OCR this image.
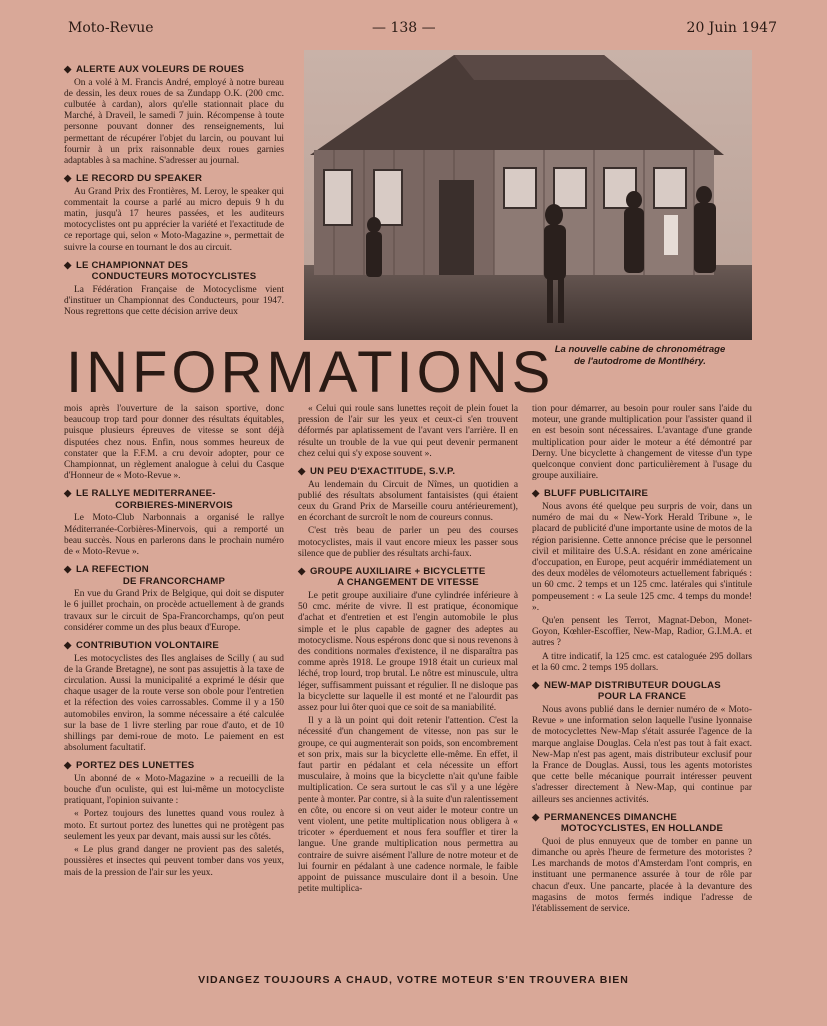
Moto-Revue	— 138 —	20 Juin 1947
La nouvelle cabine de chronométrage de l'autodrome de Montlhéry.
◆ ALERTE AUX VOLEURS DE ROUES

On a volé à M. Francis André, employé à notre bureau de dessin, les deux roues de sa Zundapp O.K. (200 cmc. culbutée à cardan), alors qu'elle stationnait place du Marché, à Draveil, le samedi 7 juin. Récompense à toute personne pouvant donner des renseignements, lui permettant de récupérer l'objet du larcin, ou pouvant lui fournir à un prix raisonnable deux roues garnies adaptables à sa machine. S'adresser au journal.

◆ LE RECORD DU SPEAKER

Au Grand Prix des Frontières, M. Leroy, le speaker qui commentait la course a parlé au micro depuis 9 h du matin, jusqu'à 17 heures passées, et les auditeurs motocyclistes ont pu apprécier la variété et l'exactitude de ce reportage qui, selon « Moto-Magazine », permettait de suivre la course en tournant le dos au circuit.

◆ LE CHAMPIONNAT DES
CONDUCTEURS MOTOCYCLISTES

La Fédération Française de Motocyclisme vient d'instituer un Championnat des Conducteurs, pour 1947. Nous regrettons que cette décision arrive deux

INFORMATIONS

mois après l'ouverture de la saison sportive, donc beaucoup trop tard pour donner des résultats équitables, puisque plusieurs épreuves de vitesse se sont déjà disputées chez nous. Enfin, nous sommes heureux de constater que la F.F.M. a cru devoir adopter, pour ce Championnat, un règlement analogue à celui du Casque d'Honneur de « Moto-Revue ».

◆ LE RALLYE MEDITERRANEE-
CORBIERES-MINERVOIS

Le Moto-Club Narbonnais a organisé le rallye Méditerranée-Corbières-Minervois, qui a remporté un beau succès. Nous en parlerons dans le prochain numéro de « Moto-Revue ».

◆ LA REFECTION
DE FRANCORCHAMP

En vue du Grand Prix de Belgique, qui doit se disputer le 6 juillet prochain, on procède actuellement à de grands travaux sur le circuit de Spa-Francorchamps, qu'on peut considérer comme un des plus beaux d'Europe.

◆ CONTRIBUTION VOLONTAIRE

Les motocyclistes des Iles anglaises de Scilly ( au sud de la Grande Bretagne), ne sont pas assujettis à la taxe de circulation. Aussi la municipalité a exprimé le désir que chaque usager de la route verse son obole pour l'entretien et la réfection des voies carrossables. Comme il y a 150 automobiles environ, la somme nécessaire a été calculée sur la base de 1 livre sterling par roue d'auto, et de 10 shillings par demi-roue de moto. Le paiement en est absolument facultatif.

◆ PORTEZ DES LUNETTES

Un abonné de « Moto-Magazine » a recueilli de la bouche d'un oculiste, qui est lui-même un motocycliste pratiquant, l'opinion suivante :

« Portez toujours des lunettes quand vous roulez à moto. Et surtout portez des lunettes qui ne protègent pas seulement les yeux par devant, mais aussi sur les côtés.

« Le plus grand danger ne provient pas des saletés, poussières et insectes qui peuvent tomber dans vos yeux, mais de la pression de l'air sur les yeux.

« Celui qui roule sans lunettes reçoit de plein fouet la pression de l'air sur les yeux et ceux-ci s'en trouvent déformés par aplatissement de l'avant vers l'arrière. Il en résulte un trouble de la vue qui peut devenir permanent chez celui qui s'y expose souvent ».

◆ UN PEU D'EXACTITUDE, S.V.P.

Au lendemain du Circuit de Nîmes, un quotidien a publié des résultats absolument fantaisistes (qui étaient ceux du Grand Prix de Marseille couru antérieurement), en écorchant de surcroît le nom de coureurs connus.

C'est très beau de parler un peu des courses motocyclistes, mais il vaut encore mieux les passer sous silence que de publier des résultats archi-faux.

◆ GROUPE AUXILIAIRE + BICYCLETTE
A CHANGEMENT DE VITESSE

Le petit groupe auxiliaire d'une cylindrée inférieure à 50 cmc. mérite de vivre. Il est pratique, économique d'achat et d'entretien et est l'engin automobile le plus simple et le plus capable de gagner des adeptes au motocyclisme. Nous espérons donc que si nous revenons à des conditions normales d'existence, il ne disparaîtra pas comme après 1918. Le groupe 1918 était un curieux mal léché, trop lourd, trop brutal. Le nôtre est minuscule, ultra léger, suffisamment puissant et régulier. Il ne disloque pas la bicyclette sur laquelle il est monté et ne l'alourdit pas assez pour lui ôter quoi que ce soit de sa maniabilité.

Il y a là un point qui doit retenir l'attention. C'est la nécessité d'un changement de vitesse, non pas sur le groupe, ce qui augmenterait son poids, son encombrement et son prix, mais sur la bicyclette elle-même. En effet, il faut partir en pédalant et cela nécessite un effort musculaire, à moins que la bicyclette n'ait qu'une faible multiplication. Ce sera surtout le cas s'il y a une légère pente à monter. Par contre, si à la suite d'un ralentissement en côte, ou encore si on veut aider le moteur contre un vent violent, une petite multiplication nous obligera à « tricoter » éperduement et nous fera souffler et tirer la langue. Une grande multiplication nous permettra au contraire de suivre aisément l'allure de notre moteur et de lui fournir en pédalant à une cadence normale, le faible appoint de puissance musculaire dont il a besoin. Une petite multiplica-

tion pour démarrer, au besoin pour rouler sans l'aide du moteur, une grande multiplication pour l'assister quand il en est besoin sont nécessaires. L'avantage d'une grande multiplication pour aider le moteur a été démontré par Derny. Une bicyclette à changement de vitesse d'un type quelconque convient donc particulièrement à l'usage du groupe auxiliaire.

◆ BLUFF PUBLICITAIRE

Nous avons été quelque peu surpris de voir, dans un numéro de mai du « New-York Herald Tribune », le placard de publicité d'une importante usine de motos de la région parisienne. Cette annonce précise que le personnel civil et militaire des U.S.A. résidant en zone américaine d'occupation, en Europe, peut acquérir immédiatement un des deux modèles de vélomoteurs actuellement fabriqués : un 60 cmc. 2 temps et un 125 cmc. latérales qui s'intitule pompeusement : « La seule 125 cmc. 4 temps du monde! ».

Qu'en pensent les Terrot, Magnat-Debon, Monet-Goyon, Kœhler-Escoffier, New-Map, Radior, G.I.M.A. et autres ?

A titre indicatif, la 125 cmc. est cataloguée 295 dollars et la 60 cmc. 2 temps 195 dollars.

◆ NEW-MAP DISTRIBUTEUR DOUGLAS
POUR LA FRANCE

Nous avons publié dans le dernier numéro de « Moto-Revue » une information selon laquelle l'usine lyonnaise de motocyclettes New-Map s'était assurée l'agence de la marque anglaise Douglas. Cela n'est pas tout à fait exact. New-Map n'est pas agent, mais distributeur exclusif pour la France de Douglas. Aussi, tous les agents motoristes que cette belle mécanique pourrait intéresser peuvent s'adresser directement à New-Map, qui continue par ailleurs ses anciennes activités.

◆ PERMANENCES DIMANCHE
MOTOCYCLISTES, EN HOLLANDE

Quoi de plus ennuyeux que de tomber en panne un dimanche ou après l'heure de fermeture des motoristes ? Les marchands de motos d'Amsterdam l'ont compris, en instituant une permanence assurée à tour de rôle par chacun d'eux. Une pancarte, placée à la devanture des magasins de motos fermés indique l'adresse de l'établissement de service.

VIDANGEZ TOUJOURS A CHAUD, VOTRE MOTEUR S'EN TROUVERA BIEN
